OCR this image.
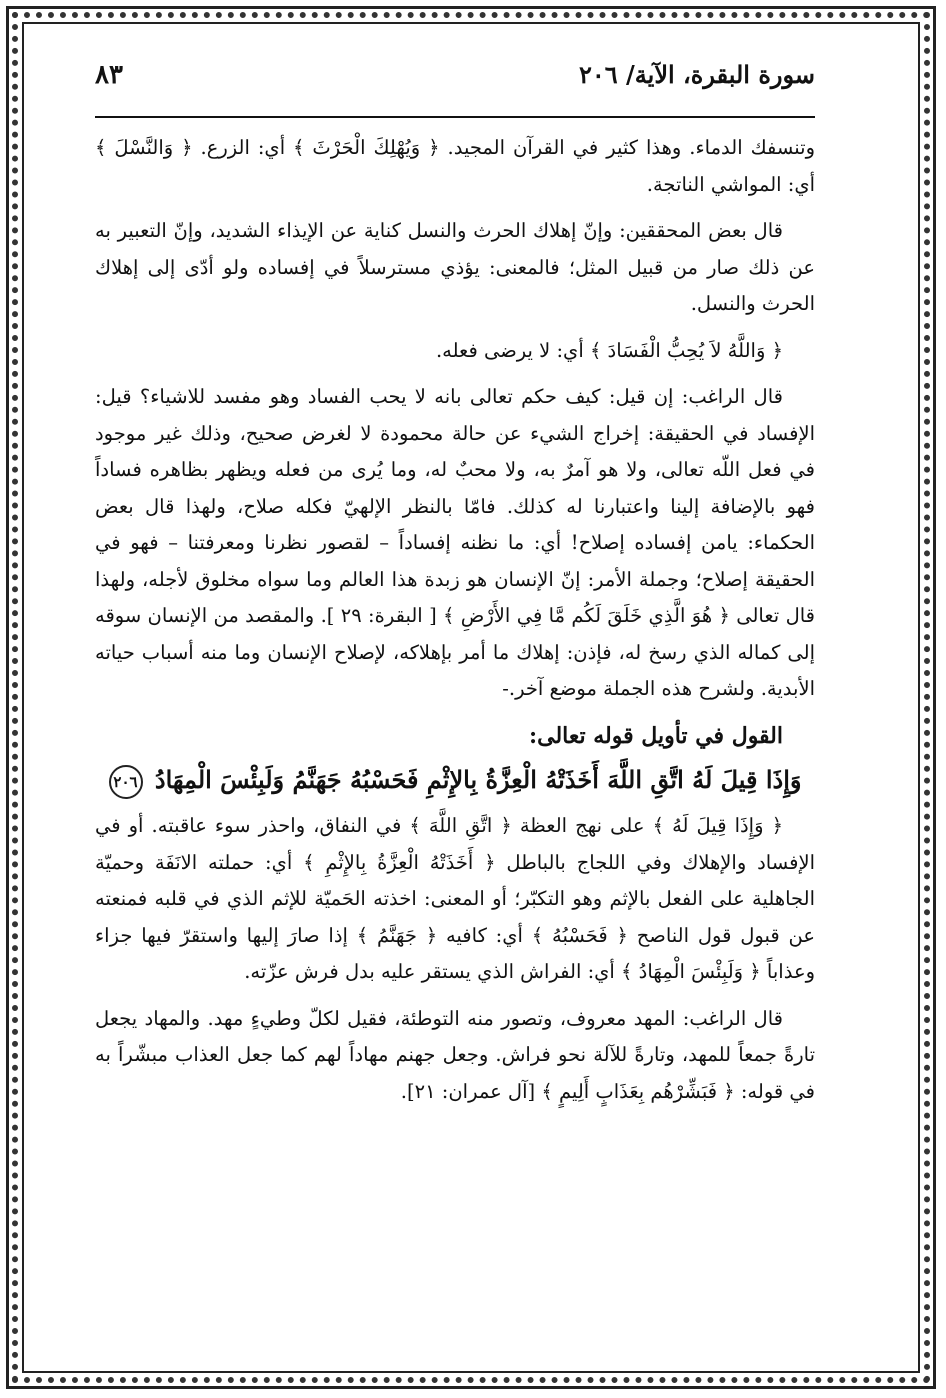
سورة البقرة، الآية/ ٢٠٦
٨٣

وتنسفك الدماء. وهذا كثير في القرآن المجيد. ﴿ وَيُهْلِكَ الْحَرْثَ ﴾ أي: الزرع. ﴿ وَالنَّسْلَ ﴾ أي: المواشي الناتجة.

قال بعض المحققين: وإنّ إهلاك الحرث والنسل كناية عن الإيذاء الشديد، وإنّ التعبير به عن ذلك صار من قبيل المثل؛ فالمعنى: يؤذي مسترسلاً في إفساده ولو أدّى إلى إهلاك الحرث والنسل.

﴿ وَاللَّهُ لاَ يُحِبُّ الْفَسَادَ ﴾ أي: لا يرضى فعله.

قال الراغب: إن قيل: كيف حكم تعالى بانه لا يحب الفساد وهو مفسد للاشياء؟ قيل: الإفساد في الحقيقة: إخراج الشيء عن حالة محمودة لا لغرض صحيح، وذلك غير موجود في فعل اللّه تعالى، ولا هو آمرٌ به، ولا محبٌ له، وما يُرى من فعله ويظهر بظاهره فساداً فهو بالإضافة إلينا واعتبارنا له كذلك. فامّا بالنظر الإلهيّ فكله صلاح، ولهذا قال بعض الحكماء: يامن إفساده إصلاح! أي: ما نظنه إفساداً – لقصور نظرنا ومعرفتنا – فهو في الحقيقة إصلاح؛ وجملة الأمر: إنّ الإنسان هو زبدة هذا العالم وما سواه مخلوق لأجله، ولهذا قال تعالى ﴿ هُوَ الَّذِي خَلَقَ لَكُم مَّا فِي الأَرْضِ ﴾ [ البقرة: ٢٩ ]. والمقصد من الإنسان سوقه إلى كماله الذي رسخ له، فإذن: إهلاك ما أمر بإهلاكه، لإصلاح الإنسان وما منه أسباب حياته الأبدية. ولشرح هذه الجملة موضع آخر.-

القول في تأويل قوله تعالى:
وَإِذَا قِيلَ لَهُ اتَّقِ اللَّهَ أَخَذَتْهُ الْعِزَّةُ بِالإِثْمِ فَحَسْبُهُ جَهَنَّمُ وَلَبِئْسَ الْمِهَادُ ٢٠٦

﴿ وَإِذَا قِيلَ لَهُ ﴾ على نهج العظة ﴿ اتَّقِ اللَّهَ ﴾ في النفاق، واحذر سوء عاقبته. أو في الإفساد والإهلاك وفي اللجاج بالباطل ﴿ أَخَذَتْهُ الْعِزَّةُ بِالإِثْمِ ﴾ أي: حملته الانَفَة وحميّة الجاهلية على الفعل بالإثم وهو التكبّر؛ أو المعنى: اخذته الحَميّة للإثم الذي في قلبه فمنعته عن قبول قول الناصح ﴿ فَحَسْبُهُ ﴾ أي: كافيه ﴿ جَهَنَّمُ ﴾ إذا صارَ إليها واستقرّ فيها جزاء وعذاباً ﴿ وَلَبِئْسَ الْمِهَادُ ﴾ أي: الفراش الذي يستقر عليه بدل فرش عزّته.

قال الراغب: المهد معروف، وتصور منه التوطئة، فقيل لكلّ وطيءٍ مهد. والمهاد يجعل تارةً جمعاً للمهد، وتارةً للآلة نحو فراش. وجعل جهنم مهاداً لهم كما جعل العذاب مبشّراً به في قوله: ﴿ فَبَشِّرْهُم بِعَذَابٍ أَلِيمٍ ﴾ [آل عمران: ٢١].
